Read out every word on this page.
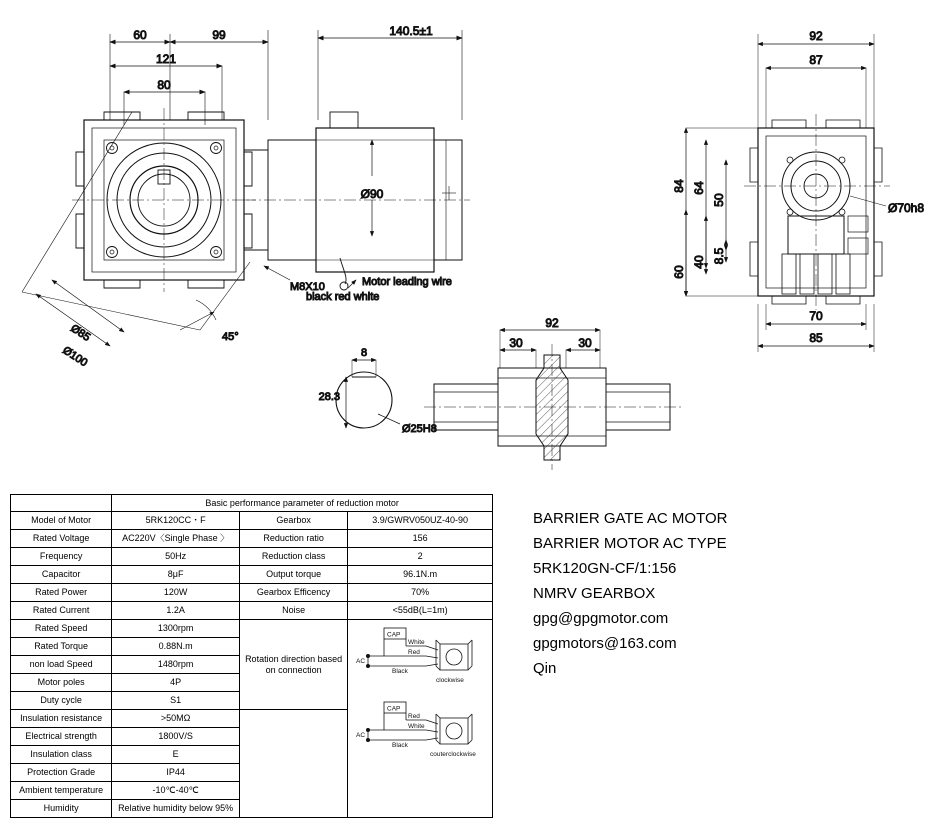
60	99	140.5±1
121
80
Ø90
Motor leading wire
black red white
M8X10
Ø85
Ø100
45°
8
28.3
Ø25H8
92
30	30
92
87
84 64
50
60
40 8.5
Ø70h8
70
85
	Basic performance parameter of reduction motor		
Model of Motor	5RK120CC・F	Gearbox	3.9/GWRV050UZ-40-90
Rated Voltage	AC220V〈Single Phase 〉	Reduction ratio	156
Frequency	50Hz	Reduction class	2
Capacitor	8μF	Output torque	96.1N.m
Rated Power	120W	Gearbox Efficency	70%
Rated Current	1.2A	Noise	<55dB(L=1m)
Rated Speed	1300rpm	Rotation direction based on connection	
CAP
AC
White
Red
Black
clockwise
CAP
AC
Red
White
Black
couterclockwise

Rated Torque	0.88N.m		
non load Speed	1480rpm		
Motor poles	4P		
Duty cycle	S1		
Insulation resistance	>50MΩ		
Electrical strength	1800V/S		
Insulation class	E		
Protection Grade	IP44		
Ambient temperature	-10℃-40℃		
Humidity	Relative humidity below 95%		
BARRIER GATE AC MOTOR
BARRIER MOTOR AC TYPE
5RK120GN-CF/1:156
NMRV GEARBOX
gpg@gpgmotor.com
gpgmotors@163.com
Qin
